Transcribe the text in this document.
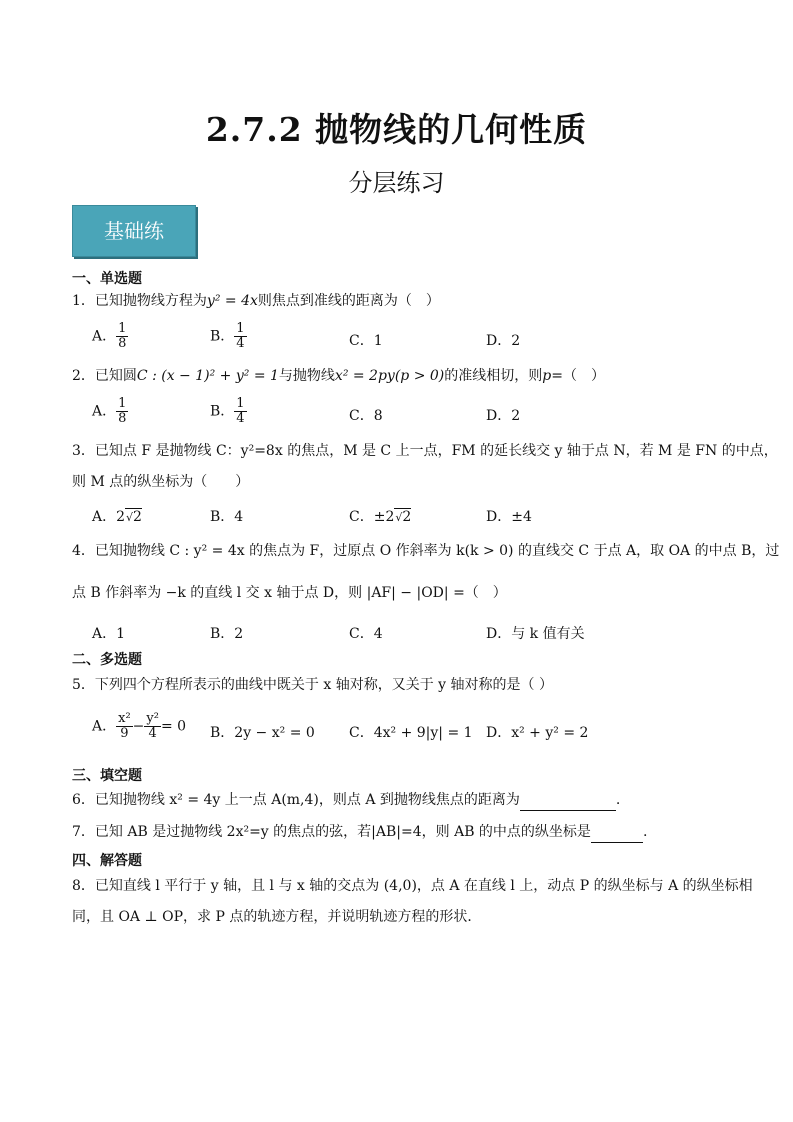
2.7.2 抛物线的几何性质
分层练习
基础练
一、单选题
1．已知抛物线方程为y² = 4x则焦点到准线的距离为（　）
A． $\frac{1}{8}$	B． $\frac{1}{4}$	C．1	D．2
2．已知圆C : (x − 1)² + y² = 1与抛物线x² = 2py(p > 0)的准线相切，则p=（　）
A． $\frac{1}{8}$	B． $\frac{1}{4}$	C．8	D．2
3．已知点 F 是抛物线 C：y²=8x 的焦点，M 是 C 上一点，FM 的延长线交 y 轴于点 N，若 M 是 FN 的中点，
则 M 点的纵坐标为（　　）
A．2√2	B．4	C．±2√2	D．±4
4．已知抛物线 C : y² = 4x 的焦点为 F，过原点 O 作斜率为 k(k > 0) 的直线交 C 于点 A，取 OA 的中点 B，过
点 B 作斜率为 −k 的直线 l 交 x 轴于点 D，则 |AF| − |OD| =（　）
A．1	B．2	C．4	D．与 k 值有关
二、多选题
5．下列四个方程所表示的曲线中既关于 x 轴对称，又关于 y 轴对称的是（ ）
A． $\frac{\text{x²}}{9} - \frac{\text{y²}}{4} = 0$ B．2y − x² = 0 C．4x² + 9|y| = 1 D．x² + y² = 2
三、填空题
6．已知抛物线 x² = 4y 上一点 A(m,4)，则点 A 到抛物线焦点的距离为	.
7．已知 AB 是过抛物线 2x²=y 的焦点的弦，若|AB|=4，则 AB 的中点的纵坐标是	.
四、解答题
8．已知直线 l 平行于 y 轴，且 l 与 x 轴的交点为 (4,0)，点 A 在直线 l 上，动点 P 的纵坐标与 A 的纵坐标相
同，且 OA ⊥ OP，求 P 点的轨迹方程，并说明轨迹方程的形状．
